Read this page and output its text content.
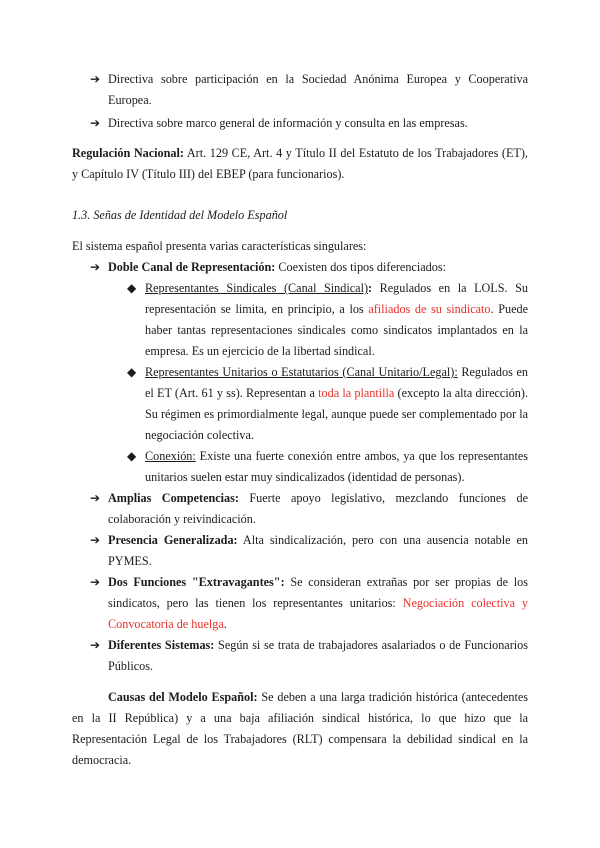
➔ Directiva sobre participación en la Sociedad Anónima Europea y Cooperativa Europea.
➔ Directiva sobre marco general de información y consulta en las empresas.
Regulación Nacional: Art. 129 CE, Art. 4 y Título II del Estatuto de los Trabajadores (ET), y Capítulo IV (Título III) del EBEP (para funcionarios).
1.3. Señas de Identidad del Modelo Español
El sistema español presenta varias características singulares:
➔ Doble Canal de Representación: Coexisten dos tipos diferenciados:
◆ Representantes Sindicales (Canal Sindical): Regulados en la LOLS. Su representación se limita, en principio, a los afiliados de su sindicato. Puede haber tantas representaciones sindicales como sindicatos implantados en la empresa. Es un ejercicio de la libertad sindical.
◆ Representantes Unitarios o Estatutarios (Canal Unitario/Legal): Regulados en el ET (Art. 61 y ss). Representan a toda la plantilla (excepto la alta dirección). Su régimen es primordialmente legal, aunque puede ser complementado por la negociación colectiva.
◆ Conexión: Existe una fuerte conexión entre ambos, ya que los representantes unitarios suelen estar muy sindicalizados (identidad de personas).
➔ Amplias Competencias: Fuerte apoyo legislativo, mezclando funciones de colaboración y reivindicación.
➔ Presencia Generalizada: Alta sindicalización, pero con una ausencia notable en PYMES.
➔ Dos Funciones "Extravagantes": Se consideran extrañas por ser propias de los sindicatos, pero las tienen los representantes unitarios: Negociación colectiva y Convocatoria de huelga.
➔ Diferentes Sistemas: Según si se trata de trabajadores asalariados o de Funcionarios Públicos.
Causas del Modelo Español: Se deben a una larga tradición histórica (antecedentes en la II República) y a una baja afiliación sindical histórica, lo que hizo que la Representación Legal de los Trabajadores (RLT) compensara la debilidad sindical en la democracia.
